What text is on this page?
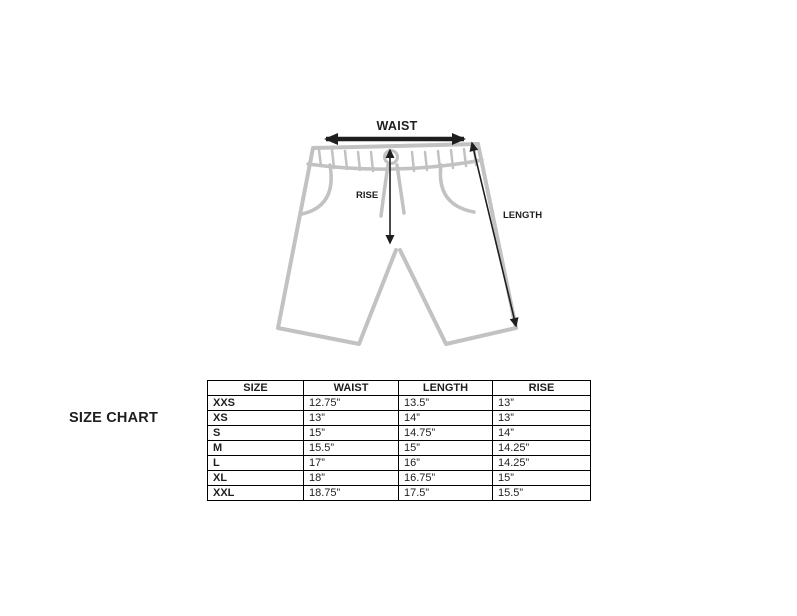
WAIST
RISE
LENGTH
SIZE CHART
SIZE	WAIST	LENGTH	RISE
XXS	12.75”	13.5”	13”
XS	13”	14”	13”
S	15”	14.75”	14”
M	15.5”	15”	14.25”
L	17”	16”	14.25”
XL	18”	16.75”	15”
XXL	18.75”	17.5”	15.5”
